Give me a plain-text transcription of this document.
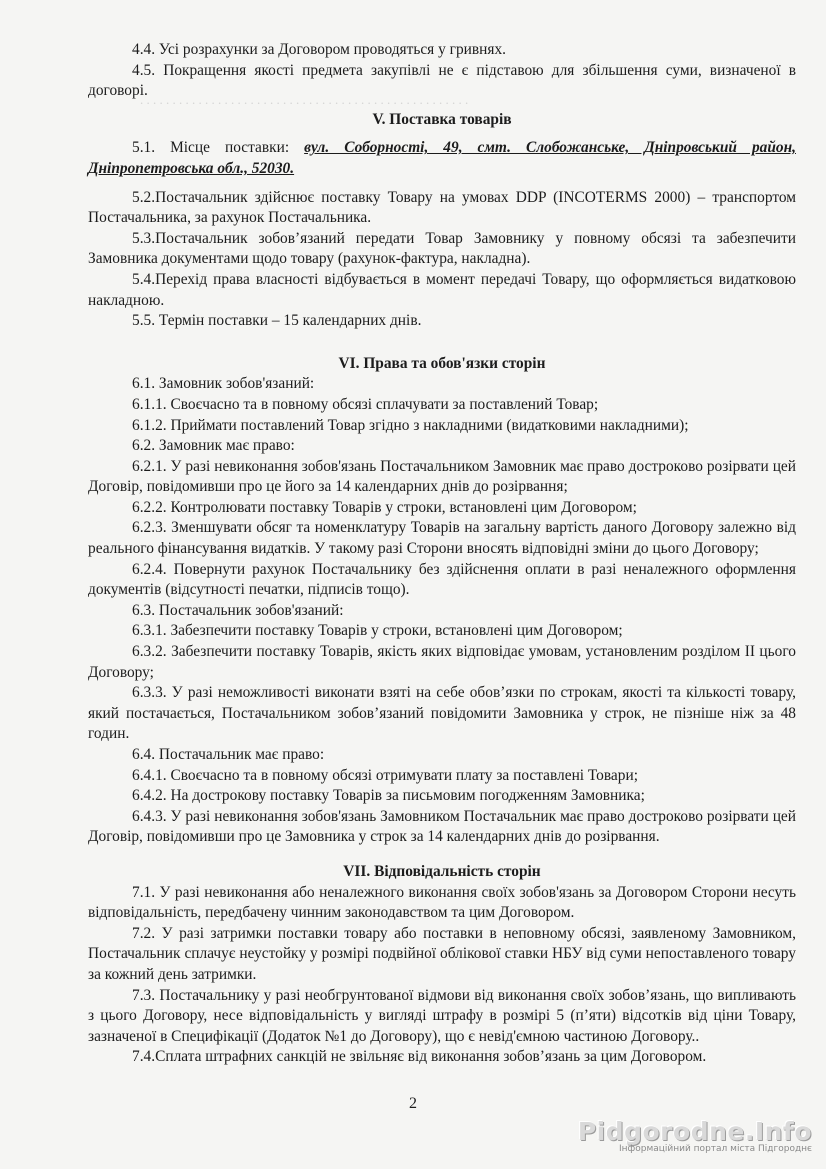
. . . . . . . . . . . . . . . . . . . . . . . . . . . . . . . . . . . . . . . . . . . . . . . . . . .

4.4. Усі розрахунки за Договором проводяться у гривнях.

4.5. Покращення якості предмета закупівлі не є підставою для збільшення суми, визначеної в договорі.

V. Поставка товарів

5.1. Місце поставки: вул. Соборності, 49, смт. Слобожанське, Дніпровський район, Дніпропетровська обл., 52030.

5.2.Постачальник здійснює поставку Товару на умовах DDP (INCOTERMS 2000) – транспортом Постачальника, за рахунок Постачальника.

5.3.Постачальник зобов’язаний передати Товар Замовнику у повному обсязі та забезпечити Замовника документами щодо товару (рахунок-фактура, накладна).

5.4.Перехід права власності відбувається в момент передачі Товару, що оформляється видатковою накладною.

5.5. Термін поставки – 15 календарних днів.

VI. Права та обов'язки сторін

6.1. Замовник зобов'язаний:

6.1.1. Своєчасно та в повному обсязі сплачувати за поставлений Товар;

6.1.2. Приймати поставлений Товар згідно з накладними (видатковими накладними);

6.2. Замовник має право:

6.2.1. У разі невиконання зобов'язань Постачальником Замовник має право достроково розірвати цей Договір, повідомивши про це його за 14 календарних днів до розірвання;

6.2.2. Контролювати поставку Товарів у строки, встановлені цим Договором;

6.2.3. Зменшувати обсяг та номенклатуру Товарів на загальну вартість даного Договору залежно від реального фінансування видатків. У такому разі Сторони вносять відповідні зміни до цього Договору;

6.2.4. Повернути рахунок Постачальнику без здійснення оплати в разі неналежного оформлення документів (відсутності печатки, підписів тощо).

6.3. Постачальник зобов'язаний:

6.3.1. Забезпечити поставку Товарів у строки, встановлені цим Договором;

6.3.2. Забезпечити поставку Товарів, якість яких відповідає умовам, установленим розділом II цього Договору;

6.3.3. У разі неможливості виконати взяті на себе обов’язки по строкам, якості та кількості товару, який постачається, Постачальником зобов’язаний повідомити Замовника у строк, не пізніше ніж за 48 годин.

6.4. Постачальник має право:

6.4.1. Своєчасно та в повному обсязі отримувати плату за поставлені Товари;

6.4.2. На дострокову поставку Товарів за письмовим погодженням Замовника;

6.4.3. У разі невиконання зобов'язань Замовником Постачальник має право достроково розірвати цей Договір, повідомивши про це Замовника у строк за 14 календарних днів до розірвання.

VII. Відповідальність сторін

7.1. У разі невиконання або неналежного виконання своїх зобов'язань за Договором Сторони несуть відповідальність, передбачену чинним законодавством та цим Договором.

7.2. У разі затримки поставки товару або поставки в неповному обсязі, заявленому Замовником, Постачальник сплачує неустойку у розмірі подвійної облікової ставки НБУ від суми непоставленого товару за кожний день затримки.

7.3. Постачальнику у разі необгрунтованої відмови від виконання своїх зобов’язань, що випливають з цього Договору, несе відповідальність у вигляді штрафу в розмірі 5 (п’яти) відсотків від ціни Товару, зазначеної в Специфікації (Додаток №1 до Договору), що є невід'ємною частиною Договору..

7.4.Сплата штрафних санкцій не звільняє від виконання зобов’язань за цим Договором.

2
Pidgorodne.Info
Інформаційний портал міста Підгороднє
